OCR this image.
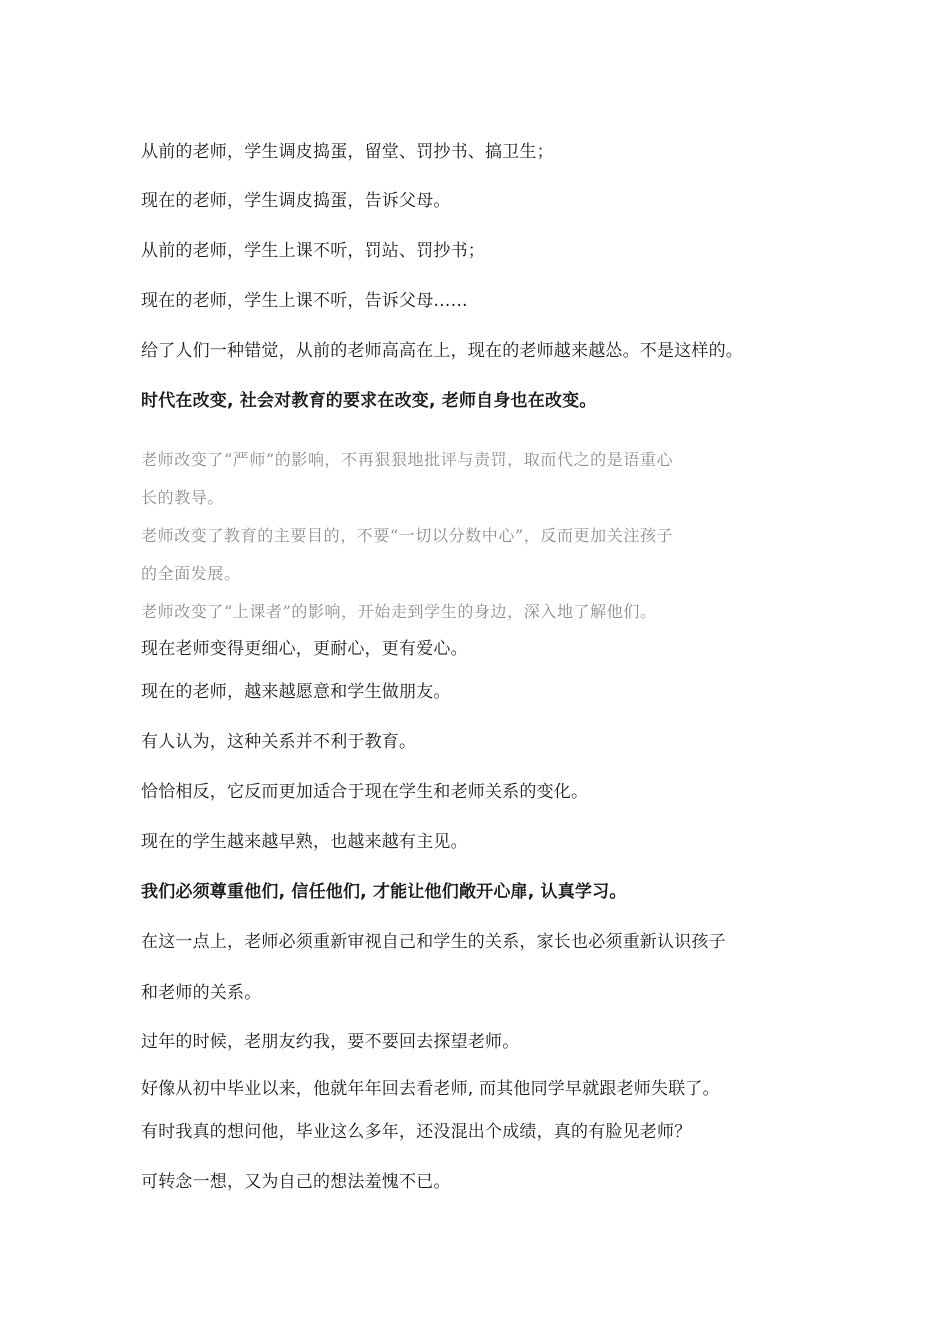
从前的老师，学生调皮捣蛋，留堂、罚抄书、搞卫生；
现在的老师，学生调皮捣蛋，告诉父母。
从前的老师，学生上课不听，罚站、罚抄书；
现在的老师，学生上课不听，告诉父母……
给了人们一种错觉，从前的老师高高在上，现在的老师越来越怂。不是这样的。
时代在改变, 社会对教育的要求在改变, 老师自身也在改变。
老师改变了“严师”的影响，不再狠狠地批评与责罚，取而代之的是语重心
长的教导。
老师改变了教育的主要目的，不要“一切以分数中心”，反而更加关注孩子
的全面发展。
老师改变了“上课者”的影响，开始走到学生的身边，深入地了解他们。
现在老师变得更细心，更耐心，更有爱心。
现在的老师，越来越愿意和学生做朋友。
有人认为，这种关系并不利于教育。
恰恰相反，它反而更加适合于现在学生和老师关系的变化。
现在的学生越来越早熟，也越来越有主见。
我们必须尊重他们, 信任他们, 才能让他们敞开心扉, 认真学习。
在这一点上，老师必须重新审视自己和学生的关系，家长也必须重新认识孩子
和老师的关系。
过年的时候，老朋友约我，要不要回去探望老师。
好像从初中毕业以来，他就年年回去看老师, 而其他同学早就跟老师失联了。
有时我真的想问他，毕业这么多年，还没混出个成绩，真的有脸见老师？
可转念一想，又为自己的想法羞愧不已。
